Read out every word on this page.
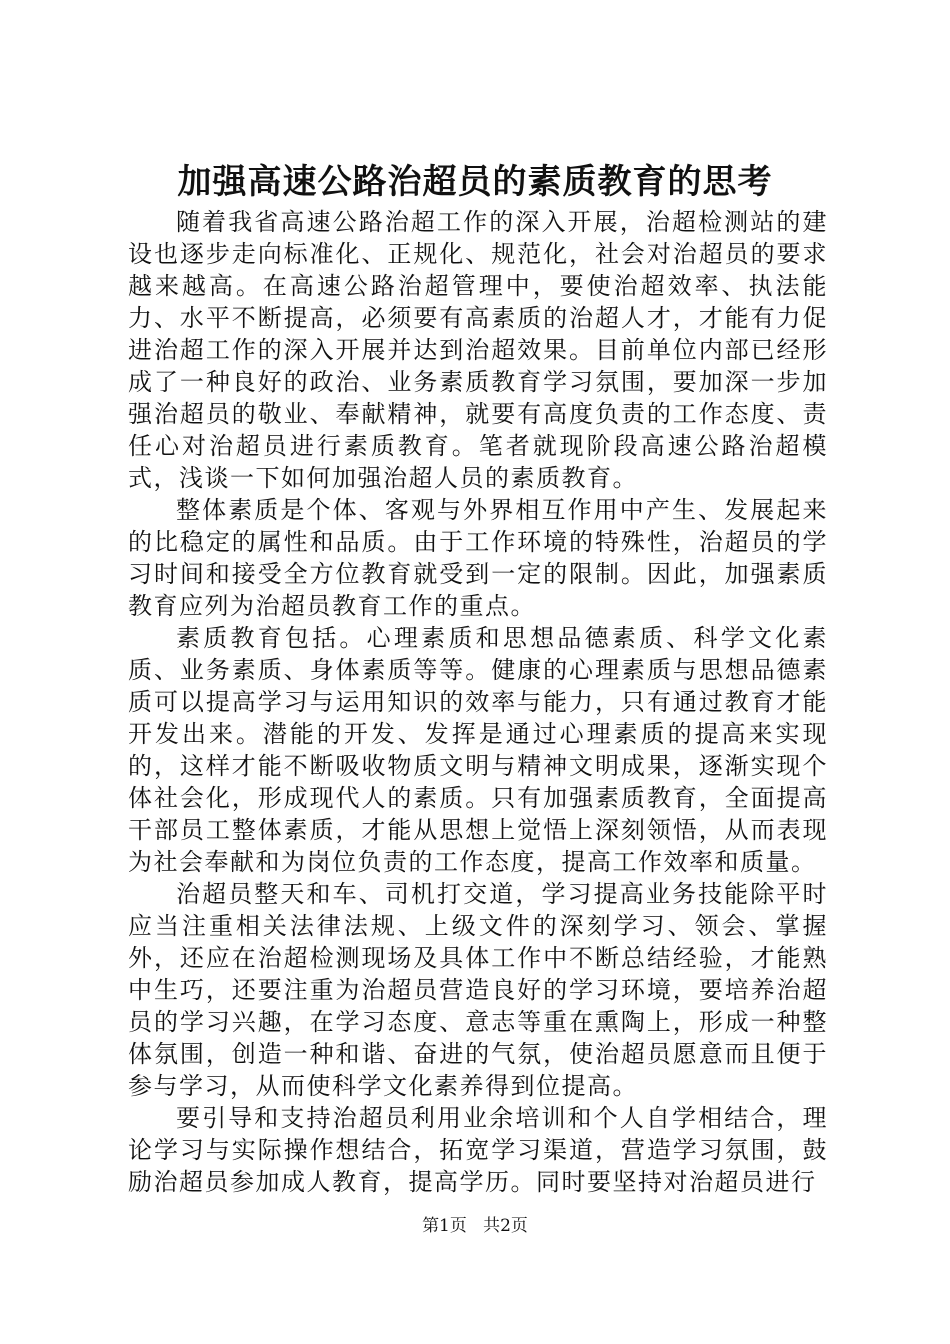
加强高速公路治超员的素质教育的思考

随着我省高速公路治超工作的深入开展，治超检测站的建设也逐步走向标准化、正规化、规范化，社会对治超员的要求越来越高。在高速公路治超管理中，要使治超效率、执法能力、水平不断提高，必须要有高素质的治超人才，才能有力促进治超工作的深入开展并达到治超效果。目前单位内部已经形成了一种良好的政治、业务素质教育学习氛围，要加深一步加强治超员的敬业、奉献精神，就要有高度负责的工作态度、责任心对治超员进行素质教育。笔者就现阶段高速公路治超模式，浅谈一下如何加强治超人员的素质教育。

整体素质是个体、客观与外界相互作用中产生、发展起来的比稳定的属性和品质。由于工作环境的特殊性，治超员的学习时间和接受全方位教育就受到一定的限制。因此，加强素质教育应列为治超员教育工作的重点。

素质教育包括。心理素质和思想品德素质、科学文化素质、业务素质、身体素质等等。健康的心理素质与思想品德素质可以提高学习与运用知识的效率与能力，只有通过教育才能开发出来。潜能的开发、发挥是通过心理素质的提高来实现的，这样才能不断吸收物质文明与精神文明成果，逐渐实现个体社会化，形成现代人的素质。只有加强素质教育，全面提高干部员工整体素质，才能从思想上觉悟上深刻领悟，从而表现为社会奉献和为岗位负责的工作态度，提高工作效率和质量。

治超员整天和车、司机打交道，学习提高业务技能除平时应当注重相关法律法规、上级文件的深刻学习、领会、掌握外，还应在治超检测现场及具体工作中不断总结经验，才能熟中生巧，还要注重为治超员营造良好的学习环境，要培养治超员的学习兴趣，在学习态度、意志等重在熏陶上，形成一种整体氛围，创造一种和谐、奋进的气氛，使治超员愿意而且便于参与学习，从而使科学文化素养得到位提高。

要引导和支持治超员利用业余培训和个人自学相结合，理论学习与实际操作想结合，拓宽学习渠道，营造学习氛围，鼓励治超员参加成人教育，提高学历。同时要坚持对治超员进行

第1页 共2页
